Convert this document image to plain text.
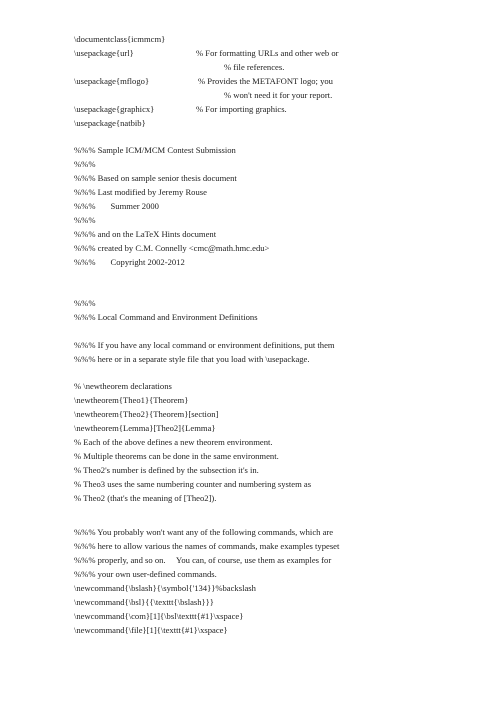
\documentclass{icmmcm}
\usepackage{url}	% For formatting URLs and other web or
% file references.
\usepackage{mflogo}	% Provides the METAFONT logo; you
% won't need it for your report.
\usepackage{graphicx}	% For importing graphics.
\usepackage{natbib}
%%% Sample ICM/MCM Contest Submission
%%%
%%% Based on sample senior thesis document
%%% Last modified by Jeremy Rouse
%%%       Summer 2000
%%%
%%% and on the LaTeX Hints document
%%% created by C.M. Connelly <cmc@math.hmc.edu>
%%%       Copyright 2002-2012
%%%
%%% Local Command and Environment Definitions
%%% If you have any local command or environment definitions, put them
%%% here or in a separate style file that you load with \usepackage.
% \newtheorem declarations
\newtheorem{Theo1}{Theorem}
\newtheorem{Theo2}{Theorem}[section]
\newtheorem{Lemma}[Theo2]{Lemma}
% Each of the above defines a new theorem environment.
% Multiple theorems can be done in the same environment.
% Theo2's number is defined by the subsection it's in.
% Theo3 uses the same numbering counter and numbering system as
% Theo2 (that's the meaning of [Theo2]).
%%% You probably won't want any of the following commands, which are
%%% here to allow various the names of commands, make examples typeset
%%% properly, and so on.     You can, of course, use them as examples for
%%% your own user-defined commands.
\newcommand{\bslash}{\symbol{'134}}%backslash
\newcommand{\bsl}{{\texttt{\bslash}}}
\newcommand{\com}[1]{\bsl\texttt{#1}\xspace}
\newcommand{\file}[1]{\texttt{#1}\xspace}
